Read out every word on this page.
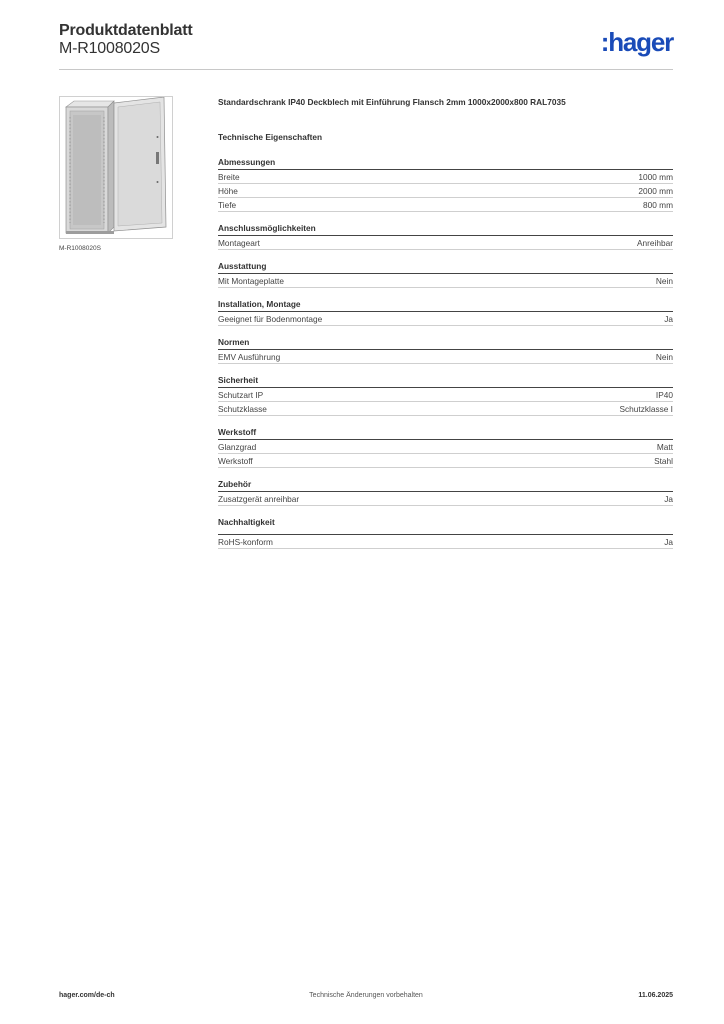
Produktdatenblatt
M-R1008020S	:hager
M-R1008020S
Standardschrank IP40 Deckblech mit Einführung Flansch 2mm 1000x2000x800 RAL7035
Technische Eigenschaften
Abmessungen
Breite	1000 mm
Höhe	2000 mm
Tiefe	800 mm
Anschlussmöglichkeiten
Montageart	Anreihbar
Ausstattung
Mit Montageplatte	Nein
Installation, Montage
Geeignet für Bodenmontage	Ja
Normen
EMV Ausführung	Nein
Sicherheit
Schutzart IP	IP40
Schutzklasse	Schutzklasse I
Werkstoff
Glanzgrad	Matt
Werkstoff	Stahl
Zubehör
Zusatzgerät anreihbar	Ja
Nachhaltigkeit
RoHS-konform	Ja
hager.com/de-ch	Technische Änderungen vorbehalten	11.06.2025
